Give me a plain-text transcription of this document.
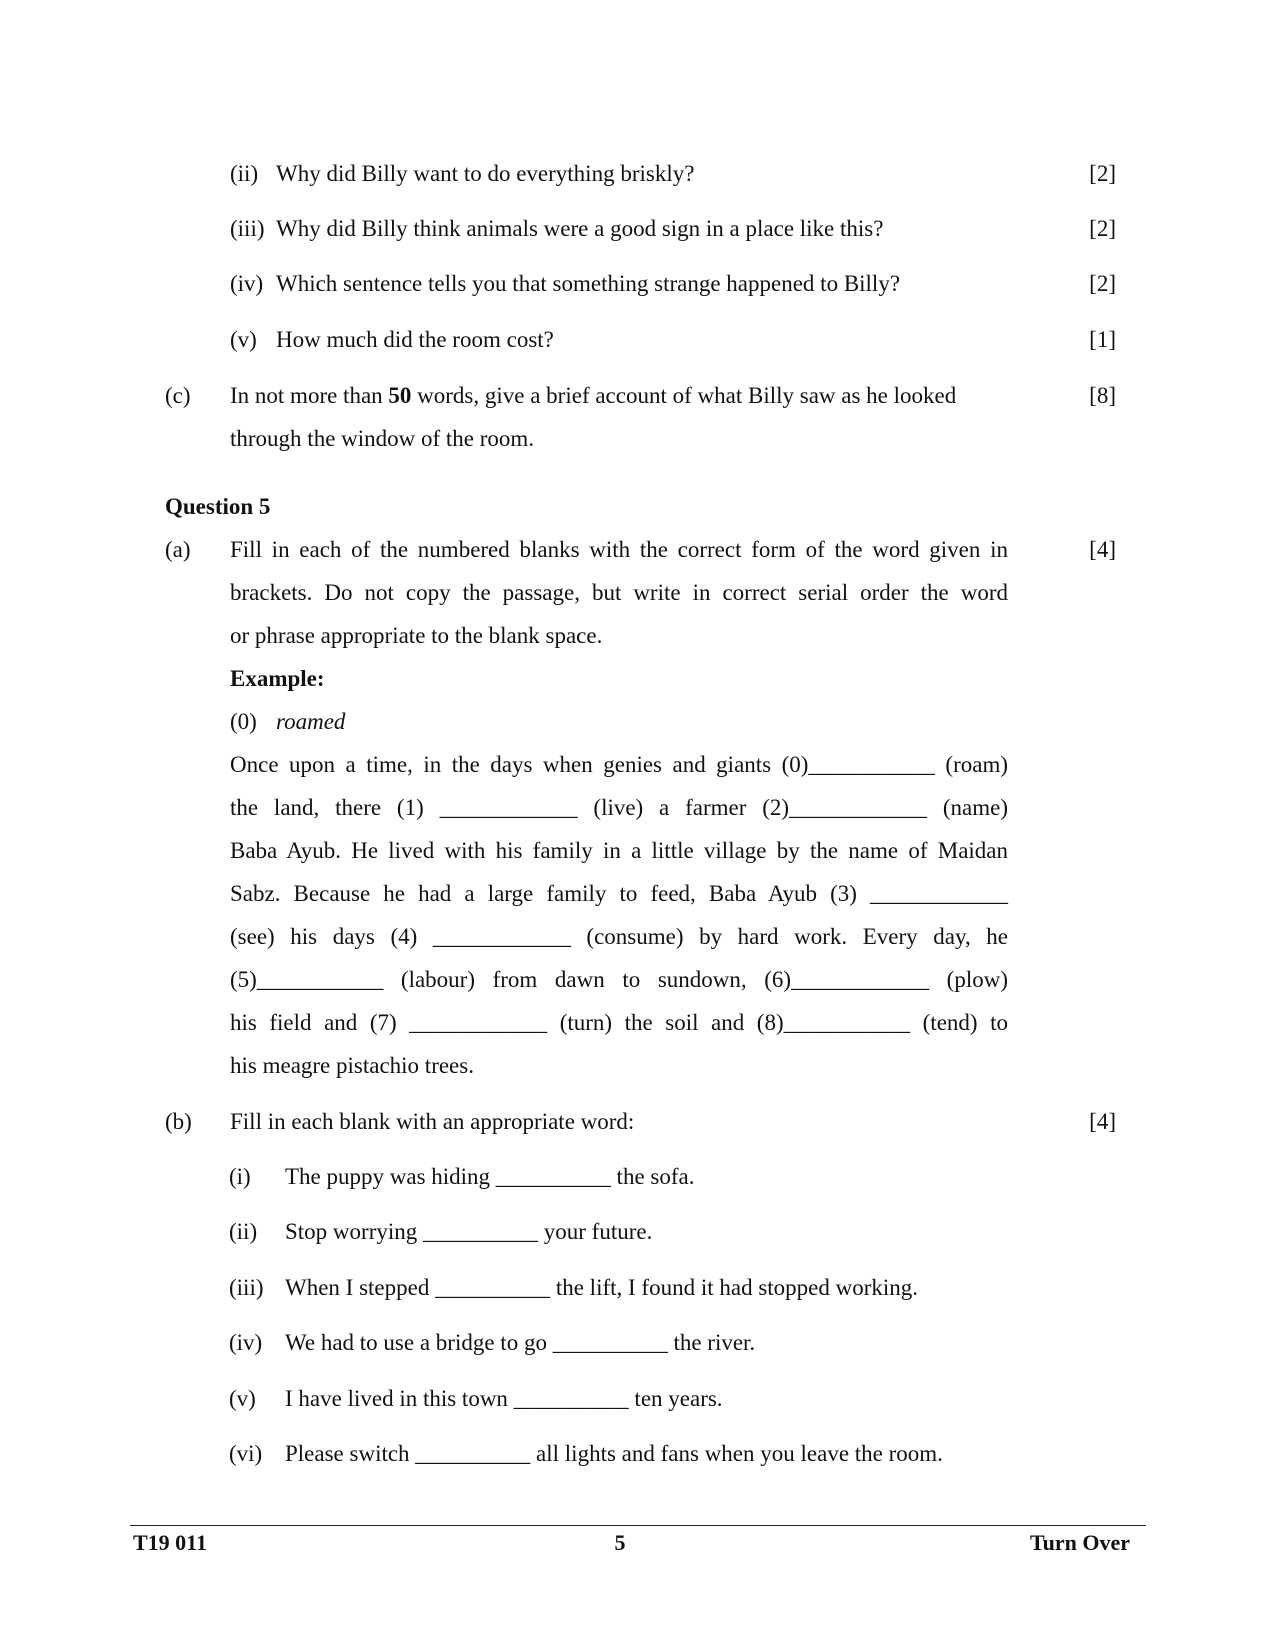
(ii) Why did Billy want to do everything briskly?	[2]
(iii) Why did Billy think animals were a good sign in a place like this?	[2]
(iv) Which sentence tells you that something strange happened to Billy?	[2]
(v) How much did the room cost?	[1]
(c) In not more than 50 words, give a brief account of what Billy saw as he looked
through the window of the room.
[8]
Question 5
(a)	[4]
Fill in each of the numbered blanks with the correct form of the word given in
brackets. Do not copy the passage, but write in correct serial order the word
or phrase appropriate to the blank space.
Example:
(0) roamed
Once upon a time, in the days when genies and giants (0)___________ (roam)
the land, there (1) ____________ (live) a farmer (2)____________ (name)
Baba Ayub. He lived with his family in a little village by the name of Maidan
Sabz. Because he had a large family to feed, Baba Ayub (3) ____________
(see) his days (4) ____________ (consume) by hard work. Every day, he
(5)___________ (labour) from dawn to sundown, (6)____________ (plow)
his field and (7) ____________ (turn) the soil and (8)___________ (tend) to
his meagre pistachio trees.
(b) Fill in each blank with an appropriate word:	[4]
(i) The puppy was hiding __________ the sofa.
(ii) Stop worrying __________ your future.
(iii) When I stepped __________ the lift, I found it had stopped working.
(iv) We had to use a bridge to go __________ the river.
(v) I have lived in this town __________ ten years.
(vi) Please switch __________ all lights and fans when you leave the room.
T19 011	5	Turn Over
